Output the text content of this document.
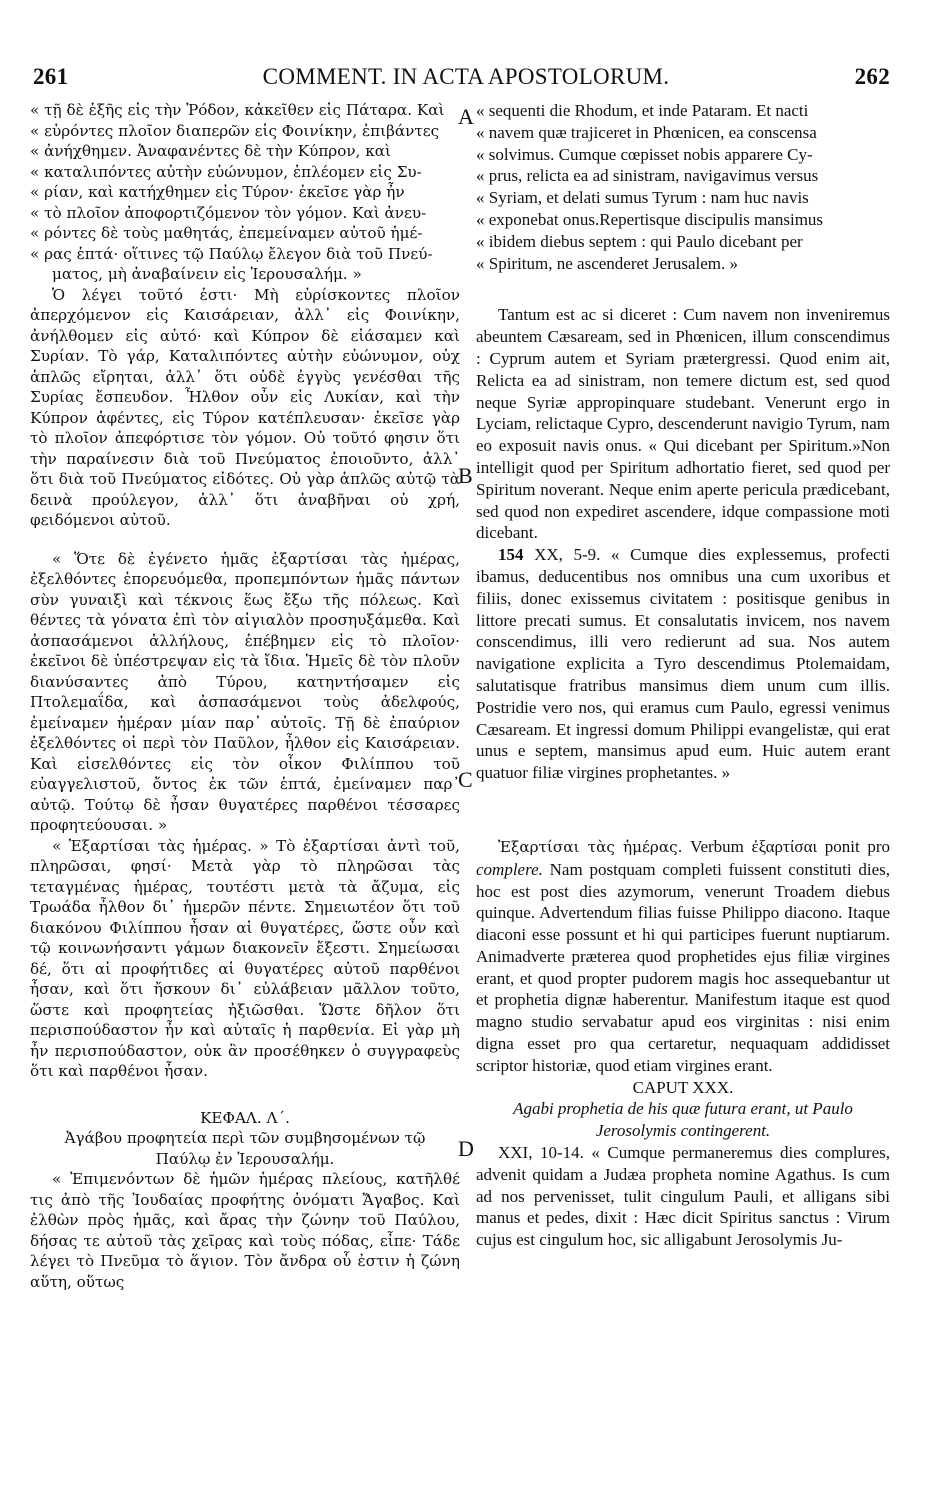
261	COMMENT. IN ACTA APOSTOLORUM.	262
A
B
C
D

« τῇ δὲ ἑξῆς εἰς τὴν Ῥόδον, κἀκεῖθεν εἰς Πάταρα. Καὶ

« εὑρόντες πλοῖον διαπερῶν εἰς Φοινίκην, ἐπιβάντες

« ἀνήχθημεν. Ἀναφανέντες δὲ τὴν Κύπρον, καὶ

« καταλιπόντες αὐτὴν εὐώνυμον, ἐπλέομεν εἰς Συ-

« ρίαν, καὶ κατήχθημεν εἰς Τύρον· ἐκεῖσε γὰρ ἦν

« τὸ πλοῖον ἀποφορτιζόμενον τὸν γόμον. Καὶ ἀνευ-

« ρόντες δὲ τοὺς μαθητάς, ἐπεμείναμεν αὐτοῦ ἡμέ-

« ρας ἑπτά· οἵτινες τῷ Παύλῳ ἔλεγον διὰ τοῦ Πνεύ-

ματος, μὴ ἀναβαίνειν εἰς Ἱερουσαλήμ. »

Ὁ λέγει τοῦτό ἐστι· Μὴ εὑρίσκοντες πλοῖον ἀπερχόμενον εἰς Καισάρειαν, ἀλλ᾽ εἰς Φοινίκην, ἀνήλθομεν εἰς αὐτό· καὶ Κύπρον δὲ εἰάσαμεν καὶ Συρίαν. Τὸ γάρ, Καταλιπόντες αὐτὴν εὐώνυμον, οὐχ ἁπλῶς εἴρηται, ἀλλ᾽ ὅτι οὐδὲ ἐγγὺς γενέσθαι τῆς Συρίας ἔσπευδον. Ἦλθον οὖν εἰς Λυκίαν, καὶ τὴν Κύπρον ἀφέντες, εἰς Τύρον κατέπλευσαν· ἐκεῖσε γὰρ τὸ πλοῖον ἀπεφόρτισε τὸν γόμον. Οὐ τοῦτό φησιν ὅτι τὴν παραίνεσιν διὰ τοῦ Πνεύματος ἐποιοῦντο, ἀλλ᾽ ὅτι διὰ τοῦ Πνεύματος εἰδότες. Οὐ γὰρ ἁπλῶς αὐτῷ τὰ δεινὰ προύλεγον, ἀλλ᾽ ὅτι ἀναβῆναι οὐ χρή, φειδόμενοι αὐτοῦ.

« Ὅτε δὲ ἐγένετο ἡμᾶς ἐξαρτίσαι τὰς ἡμέρας, ἐξελθόντες ἐπορευόμεθα, προπεμπόντων ἡμᾶς πάντων σὺν γυναιξὶ καὶ τέκνοις ἕως ἔξω τῆς πόλεως. Καὶ θέντες τὰ γόνατα ἐπὶ τὸν αἰγιαλὸν προσηυξάμεθα. Καὶ ἀσπασάμενοι ἀλλήλους, ἐπέβημεν εἰς τὸ πλοῖον· ἐκεῖνοι δὲ ὑπέστρεψαν εἰς τὰ ἴδια. Ἡμεῖς δὲ τὸν πλοῦν διανύσαντες ἀπὸ Τύρου, κατηντήσαμεν εἰς Πτολεμαΐδα, καὶ ἀσπασάμενοι τοὺς ἀδελφούς, ἐμείναμεν ἡμέραν μίαν παρ᾽ αὐτοῖς. Τῇ δὲ ἐπαύριον ἐξελθόντες οἱ περὶ τὸν Παῦλον, ἦλθον εἰς Καισάρειαν. Καὶ εἰσελθόντες εἰς τὸν οἶκον Φιλίππου τοῦ εὐαγγελιστοῦ, ὄντος ἐκ τῶν ἑπτά, ἐμείναμεν παρ᾽ αὐτῷ. Τούτῳ δὲ ἦσαν θυγατέρες παρθένοι τέσσαρες προφητεύουσαι. »

« Ἐξαρτίσαι τὰς ἡμέρας. » Τὸ ἐξαρτίσαι ἀντὶ τοῦ, πληρῶσαι, φησί· Μετὰ γὰρ τὸ πληρῶσαι τὰς τεταγμένας ἡμέρας, τουτέστι μετὰ τὰ ἄζυμα, εἰς Τρωάδα ἦλθον δι᾽ ἡμερῶν πέντε. Σημειωτέον ὅτι τοῦ διακόνου Φιλίππου ἦσαν αἱ θυγατέρες, ὥστε οὖν καὶ τῷ κοινωνήσαντι γάμων διακονεῖν ἔξεστι. Σημείωσαι δέ, ὅτι αἱ προφήτιδες αἱ θυγατέρες αὐτοῦ παρθένοι ἦσαν, καὶ ὅτι ἤσκουν δι᾽ εὐλάβειαν μᾶλλον τοῦτο, ὥστε καὶ προφητείας ἠξιῶσθαι. Ὥστε δῆλον ὅτι περισπούδαστον ἦν καὶ αὐταῖς ἡ παρθενία. Εἰ γὰρ μὴ ἦν περισπούδαστον, οὐκ ἂν προσέθηκεν ὁ συγγραφεὺς ὅτι καὶ παρθένοι ἦσαν.

ΚΕΦΑΛ. Λ΄.

Ἀγάβου προφητεία περὶ τῶν συμβησομένων τῷ Παύλῳ ἐν Ἱερουσαλήμ.

« Ἐπιμενόντων δὲ ἡμῶν ἡμέρας πλείους, κατῆλθέ τις ἀπὸ τῆς Ἰουδαίας προφήτης ὀνόματι Ἄγαβος. Καὶ ἐλθὼν πρὸς ἡμᾶς, καὶ ἄρας τὴν ζώνην τοῦ Παύλου, δήσας τε αὐτοῦ τὰς χεῖρας καὶ τοὺς πόδας, εἶπε· Τάδε λέγει τὸ Πνεῦμα τὸ ἅγιον. Τὸν ἄνδρα οὗ ἐστιν ἡ ζώνη αὕτη, οὕτως

« sequenti die Rhodum, et inde Pataram. Et nacti

« navem quæ trajiceret in Phœnicen, ea conscensa

« solvimus. Cumque cœpisset nobis apparere Cy-

« prus, relicta ea ad sinistram, navigavimus versus

« Syriam, et delati sumus Tyrum : nam huc navis

« exponebat onus.Repertisque discipulis mansimus

« ibidem diebus septem : qui Paulo dicebant per

« Spiritum, ne ascenderet Jerusalem. »

Tantum est ac si diceret : Cum navem non inveniremus abeuntem Cæsaream, sed in Phœnicen, illum conscendimus : Cyprum autem et Syriam prætergressi. Quod enim ait, Relicta ea ad sinistram, non temere dictum est, sed quod neque Syriæ appropinquare studebant. Venerunt ergo in Lyciam, relictaque Cypro, descenderunt navigio Tyrum, nam eo exposuit navis onus. « Qui dicebant per Spiritum.»Non intelligit quod per Spiritum adhortatio fieret, sed quod per Spiritum noverant. Neque enim aperte pericula prædicebant, sed quod non expediret ascendere, idque compassione moti dicebant.

154 XX, 5-9. « Cumque dies explessemus, profecti ibamus, deducentibus nos omnibus una cum uxoribus et filiis, donec exissemus civitatem : positisque genibus in littore precati sumus. Et consalutatis invicem, nos navem conscendimus, illi vero redierunt ad sua. Nos autem navigatione explicita a Tyro descendimus Ptolemaidam, salutatisque fratribus mansimus diem unum cum illis. Postridie vero nos, qui eramus cum Paulo, egressi venimus Cæsaream. Et ingressi domum Philippi evangelistæ, qui erat unus e septem, mansimus apud eum. Huic autem erant quatuor filiæ virgines prophetantes. »

Ἐξαρτίσαι τὰς ἡμέρας. Verbum ἐξαρτίσαι ponit pro complere. Nam postquam completi fuissent constituti dies, hoc est post dies azymorum, venerunt Troadem diebus quinque. Advertendum filias fuisse Philippo diacono. Itaque diaconi esse possunt et hi qui participes fuerunt nuptiarum. Animadverte præterea quod prophetides ejus filiæ virgines erant, et quod propter pudorem magis hoc assequebantur ut et prophetia dignæ haberentur. Manifestum itaque est quod magno studio servabatur apud eos virginitas : nisi enim digna esset pro qua certaretur, nequaquam addidisset scriptor historiæ, quod etiam virgines erant.

CAPUT XXX.

Agabi prophetia de his quæ futura erant, ut Paulo Jerosolymis contingerent.

XXI, 10-14. « Cumque permaneremus dies complures, advenit quidam a Judæa propheta nomine Agathus. Is cum ad nos pervenisset, tulit cingulum Pauli, et alligans sibi manus et pedes, dixit : Hæc dicit Spiritus sanctus : Virum cujus est cingulum hoc, sic alligabunt Jerosolymis Ju-
